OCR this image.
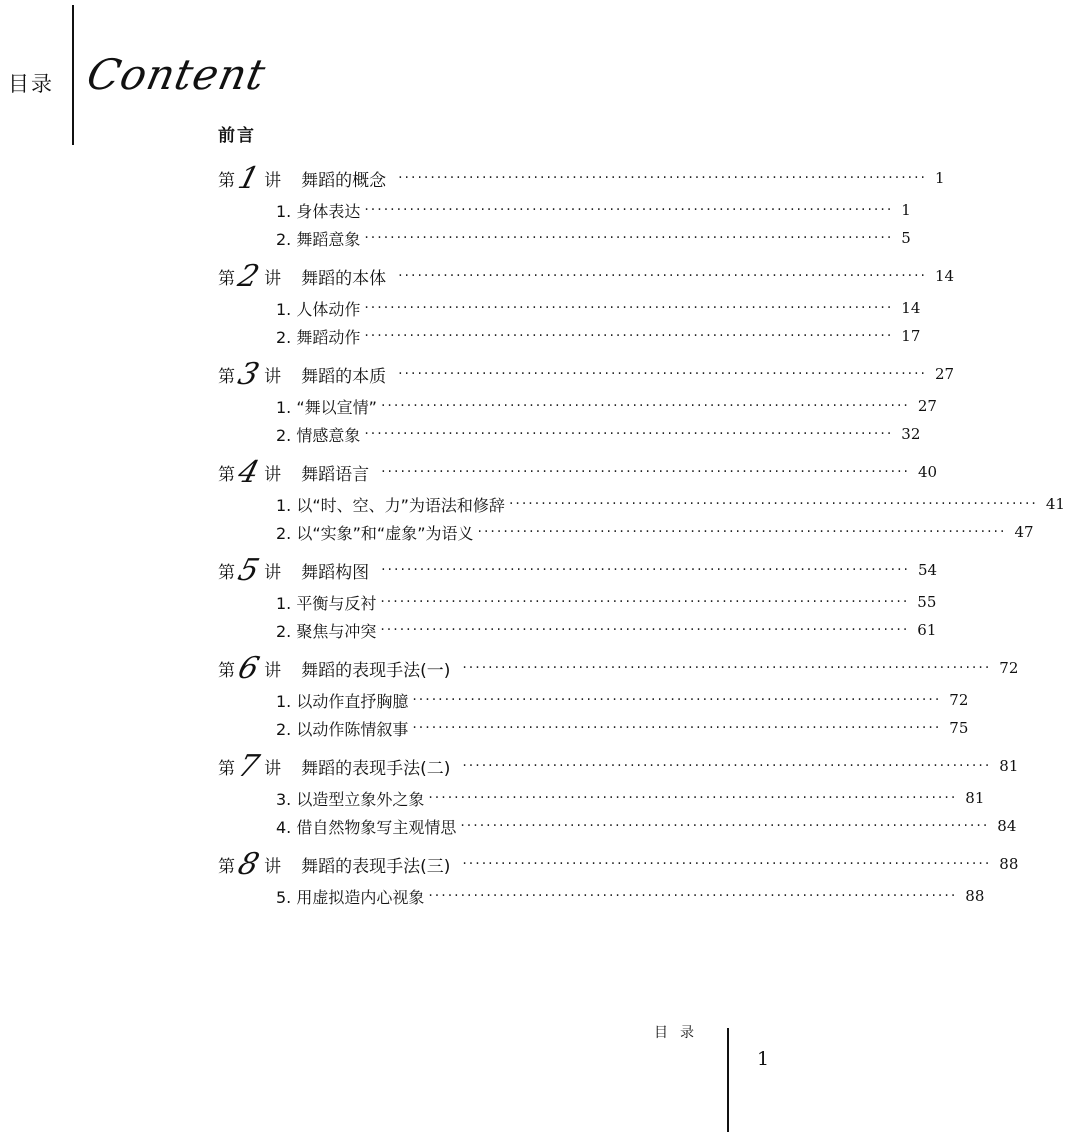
目录 Content
前言
第 1 讲 舞蹈的概念 ·················································································· 1
1. 身体表达 ·················································································· 1
2. 舞蹈意象 ·················································································· 5
第 2 讲 舞蹈的本体 ·················································································· 14
1. 人体动作 ·················································································· 14
2. 舞蹈动作 ·················································································· 17
第 3 讲 舞蹈的本质 ·················································································· 27
1. “舞以宣情” ·················································································· 27
2. 情感意象 ·················································································· 32
第 4 讲 舞蹈语言 ·················································································· 40
1. 以“时、空、力”为语法和修辞 ·················································································· 41
2. 以“实象”和“虚象”为语义 ·················································································· 47
第 5 讲 舞蹈构图 ·················································································· 54
1. 平衡与反衬 ·················································································· 55
2. 聚焦与冲突 ·················································································· 61
第 6 讲 舞蹈的表现手法(一) ·················································································· 72
1. 以动作直抒胸臆 ·················································································· 72
2. 以动作陈情叙事 ·················································································· 75
第 7 讲 舞蹈的表现手法(二) ·················································································· 81
3. 以造型立象外之象 ·················································································· 81
4. 借自然物象写主观情思 ·················································································· 84
第 8 讲 舞蹈的表现手法(三) ·················································································· 88
5. 用虚拟造内心视象 ·················································································· 88
目录
1
